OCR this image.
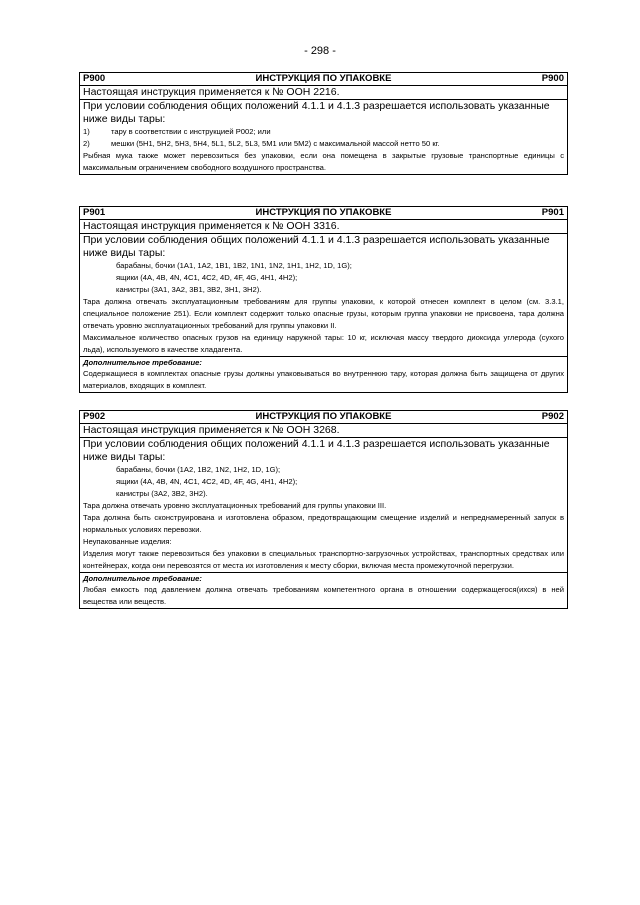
- 298 -
P900	ИНСТРУКЦИЯ ПО УПАКОВКЕ	P900
Настоящая инструкция применяется к № ООН 2216.
При условии соблюдения общих положений 4.1.1 и 4.1.3 разрешается использовать указанные ниже виды тары:
1)	тару в соответствии с инструкцией P002; или
2)	мешки (5H1, 5H2, 5H3, 5H4, 5L1, 5L2, 5L3, 5M1 или 5M2) с максимальной массой нетто 50 кг.
Рыбная мука также может перевозиться без упаковки, если она помещена в закрытые грузовые транспортные единицы с максимальным ограничением свободного воздушного пространства.
P901	ИНСТРУКЦИЯ ПО УПАКОВКЕ	P901
Настоящая инструкция применяется к № ООН 3316.
При условии соблюдения общих положений 4.1.1 и 4.1.3 разрешается использовать указанные ниже виды тары:
барабаны, бочки (1A1, 1A2, 1B1, 1B2, 1N1, 1N2, 1H1, 1H2, 1D, 1G);
ящики (4A, 4B, 4N, 4C1, 4C2, 4D, 4F, 4G, 4H1, 4H2);
канистры (3A1, 3A2, 3B1, 3B2, 3H1, 3H2).
Тара должна отвечать эксплуатационным требованиям для группы упаковки, к которой отнесен комплект в целом (см. 3.3.1, специальное положение 251). Если комплект содержит только опасные грузы, которым группа упаковки не присвоена, тара должна отвечать уровню эксплуатационных требований для группы упаковки II.
Максимальное количество опасных грузов на единицу наружной тары: 10 кг, исключая массу твердого диоксида углерода (сухого льда), используемого в качестве хладагента.
Дополнительное требование:
Содержащиеся в комплектах опасные грузы должны упаковываться во внутреннюю тару, которая должна быть защищена от других материалов, входящих в комплект.
P902	ИНСТРУКЦИЯ ПО УПАКОВКЕ	P902
Настоящая инструкция применяется к № ООН 3268.
При условии соблюдения общих положений 4.1.1 и 4.1.3 разрешается использовать указанные ниже виды тары:
барабаны, бочки (1A2, 1B2, 1N2, 1H2, 1D, 1G);
ящики (4A, 4B, 4N, 4C1, 4C2, 4D, 4F, 4G, 4H1, 4H2);
канистры (3A2, 3B2, 3H2).
Тара должна отвечать уровню эксплуатационных требований для группы упаковки III.
Тара должна быть сконструирована и изготовлена образом, предотвращающим смещение изделий и непреднамеренный запуск в нормальных условиях перевозки.
Неупакованные изделия:
Изделия могут также перевозиться без упаковки в специальных транспортно-загрузочных устройствах, транспортных средствах или контейнерах, когда они перевозятся от места их изготовления к месту сборки, включая места промежуточной перегрузки.
Дополнительное требование:
Любая емкость под давлением должна отвечать требованиям компетентного органа в отношении содержащегося(ихся) в ней вещества или веществ.
